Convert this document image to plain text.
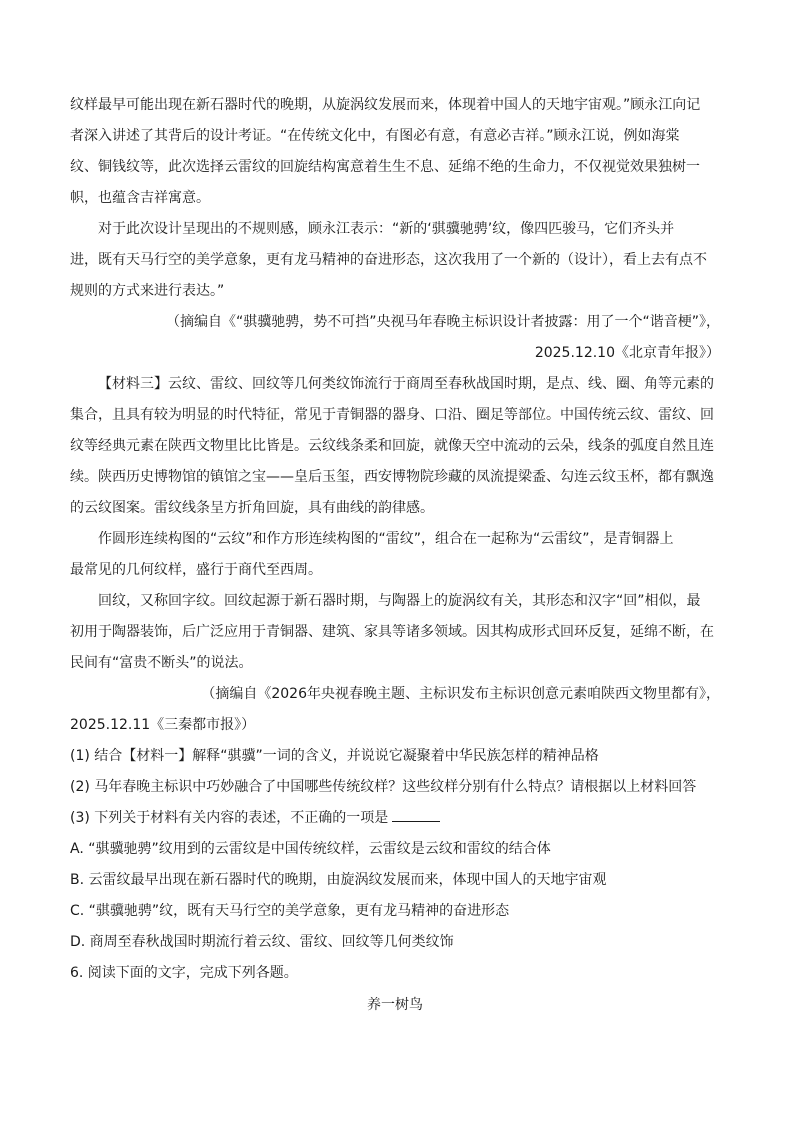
纹样最早可能出现在新石器时代的晚期，从旋涡纹发展而来，体现着中国人的天地宇宙观。”顾永江向记
者深入讲述了其背后的设计考证。“在传统文化中，有图必有意，有意必吉祥。”顾永江说，例如海棠
纹、铜钱纹等，此次选择云雷纹的回旋结构寓意着生生不息、延绵不绝的生命力，不仅视觉效果独树一
帜，也蕴含吉祥寓意。
对于此次设计呈现出的不规则感，顾永江表示：“新的‘骐骥驰骋’纹，像四匹骏马，它们齐头并
进，既有天马行空的美学意象，更有龙马精神的奋进形态，这次我用了一个新的（设计），看上去有点不
规则的方式来进行表达。”
（摘编自《“骐骥驰骋，势不可挡”央视马年春晚主标识设计者披露：用了一个“谐音梗”》，
2025.12.10《北京青年报》）
【材料三】云纹、雷纹、回纹等几何类纹饰流行于商周至春秋战国时期，是点、线、圈、角等元素的
集合，且具有较为明显的时代特征，常见于青铜器的器身、口沿、圈足等部位。中国传统云纹、雷纹、回
纹等经典元素在陕西文物里比比皆是。云纹线条柔和回旋，就像天空中流动的云朵，线条的弧度自然且连
续。陕西历史博物馆的镇馆之宝——皇后玉玺，西安博物院珍藏的凤流提梁盉、勾连云纹玉杯，都有飘逸
的云纹图案。雷纹线条呈方折角回旋，具有曲线的韵律感。
作圆形连续构图的“云纹”和作方形连续构图的“雷纹”，组合在一起称为“云雷纹”，是青铜器上
最常见的几何纹样，盛行于商代至西周。
回纹，又称回字纹。回纹起源于新石器时期，与陶器上的旋涡纹有关，其形态和汉字“回”相似，最
初用于陶器装饰，后广泛应用于青铜器、建筑、家具等诸多领域。因其构成形式回环反复，延绵不断，在
民间有“富贵不断头”的说法。
（摘编自《2026年央视春晚主题、主标识发布主标识创意元素咱陕西文物里都有》，
2025.12.11《三秦都市报》）
(1) 结合【材料一】解释“骐骥”一词的含义，并说说它凝聚着中华民族怎样的精神品格
(2) 马年春晚主标识中巧妙融合了中国哪些传统纹样？这些纹样分别有什么特点？请根据以上材料回答
(3) 下列关于材料有关内容的表述，不正确的一项是
A. “骐骥驰骋”纹用到的云雷纹是中国传统纹样，云雷纹是云纹和雷纹的结合体
B. 云雷纹最早出现在新石器时代的晚期，由旋涡纹发展而来，体现中国人的天地宇宙观
C. “骐骥驰骋”纹，既有天马行空的美学意象，更有龙马精神的奋进形态
D. 商周至春秋战国时期流行着云纹、雷纹、回纹等几何类纹饰
6. 阅读下面的文字，完成下列各题。
养一树鸟
